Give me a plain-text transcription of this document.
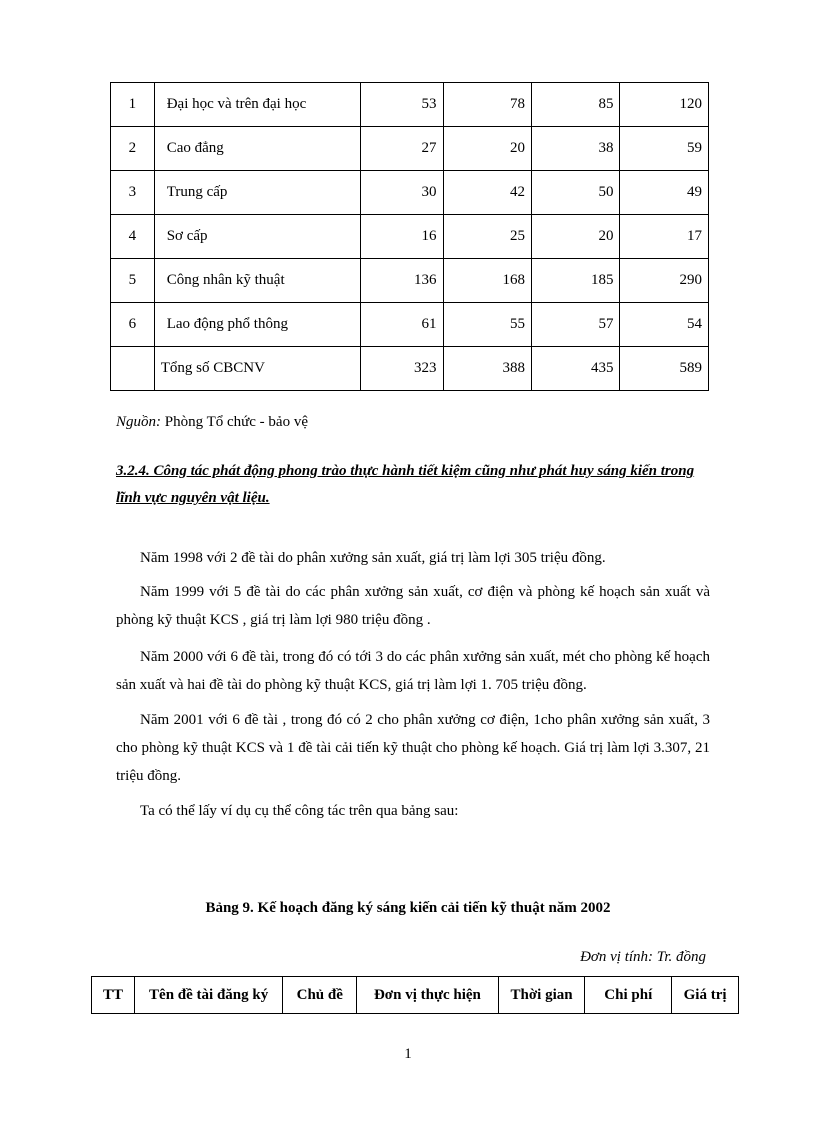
1	Đại học và trên đại học	53	78	85	120
2	Cao đẳng	27	20	38	59
3	Trung cấp	30	42	50	49
4	Sơ cấp	16	25	20	17
5	Công nhân kỹ thuật	136	168	185	290
6	Lao động phổ thông	61	55	57	54
	Tổng số CBCNV	323	388	435	589
Nguồn: Phòng Tổ chức - bảo vệ
3.2.4. Công tác phát động phong trào thực hành tiết kiệm cũng như phát huy sáng kiến trong lĩnh vực nguyên vật liệu.

Năm 1998 với 2 đề tài do phân xưởng sản xuất, giá trị làm lợi 305 triệu đồng.

Năm 1999 với 5 đề tài do các phân xưởng sản xuất, cơ điện và phòng kế hoạch sản xuất và phòng kỹ thuật KCS , giá trị làm lợi 980 triệu đồng .

Năm 2000 với 6 đề tài, trong đó có tới 3 do các phân xưởng sản xuất, mét cho phòng kế hoạch sản xuất và hai đề tài do phòng kỹ thuật KCS, giá trị làm lợi 1. 705 triệu đồng.

Năm 2001 với 6 đề tài , trong đó có 2 cho phân xưởng cơ điện, 1cho phân xưởng sản xuất, 3 cho phòng kỹ thuật KCS và 1 đề tài cải tiến kỹ thuật cho phòng kế hoạch. Giá trị làm lợi 3.307, 21 triệu đồng.

Ta có thể lấy ví dụ cụ thể công tác trên qua bảng sau:

Bảng 9. Kế hoạch đăng ký sáng kiến cải tiến kỹ thuật năm 2002
Đơn vị tính: Tr. đồng
TT	Tên đề tài đăng ký	Chủ đề	Đơn vị thực hiện	Thời gian	Chi phí	Giá trị
1
